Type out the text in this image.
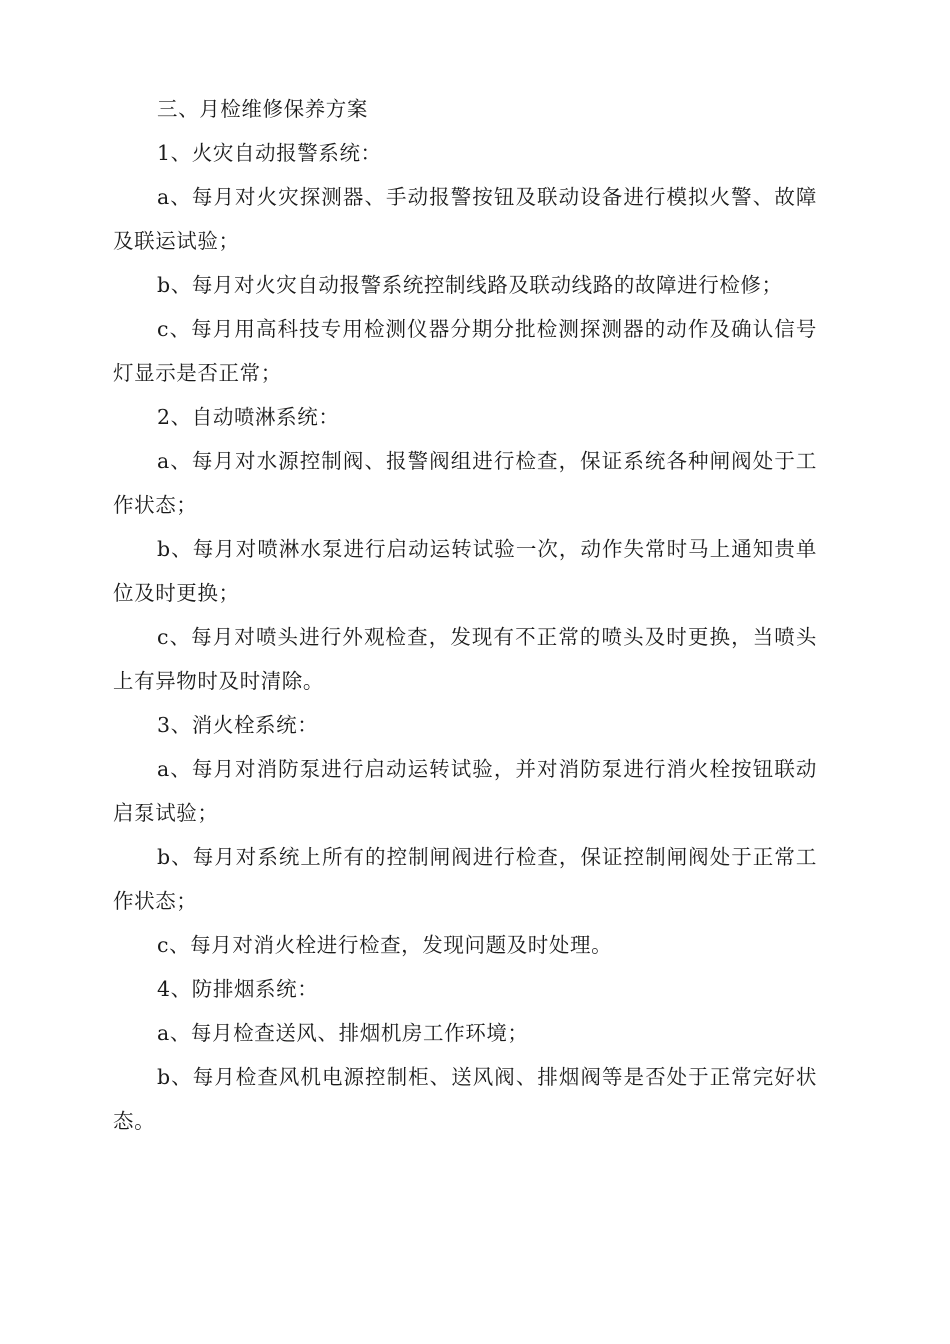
三、月检维修保养方案

1、火灾自动报警系统：

a、每月对火灾探测器、手动报警按钮及联动设备进行模拟火警、故障及联运试验；

b、每月对火灾自动报警系统控制线路及联动线路的故障进行检修；

c、每月用高科技专用检测仪器分期分批检测探测器的动作及确认信号灯显示是否正常；

2、自动喷淋系统：

a、每月对水源控制阀、报警阀组进行检查，保证系统各种闸阀处于工作状态；

b、每月对喷淋水泵进行启动运转试验一次，动作失常时马上通知贵单位及时更换；

c、每月对喷头进行外观检查，发现有不正常的喷头及时更换，当喷头上有异物时及时清除。

3、消火栓系统：

a、每月对消防泵进行启动运转试验，并对消防泵进行消火栓按钮联动启泵试验；

b、每月对系统上所有的控制闸阀进行检查，保证控制闸阀处于正常工作状态；

c、每月对消火栓进行检查，发现问题及时处理。

4、防排烟系统：

a、每月检查送风、排烟机房工作环境；

b、每月检查风机电源控制柜、送风阀、排烟阀等是否处于正常完好状态。
